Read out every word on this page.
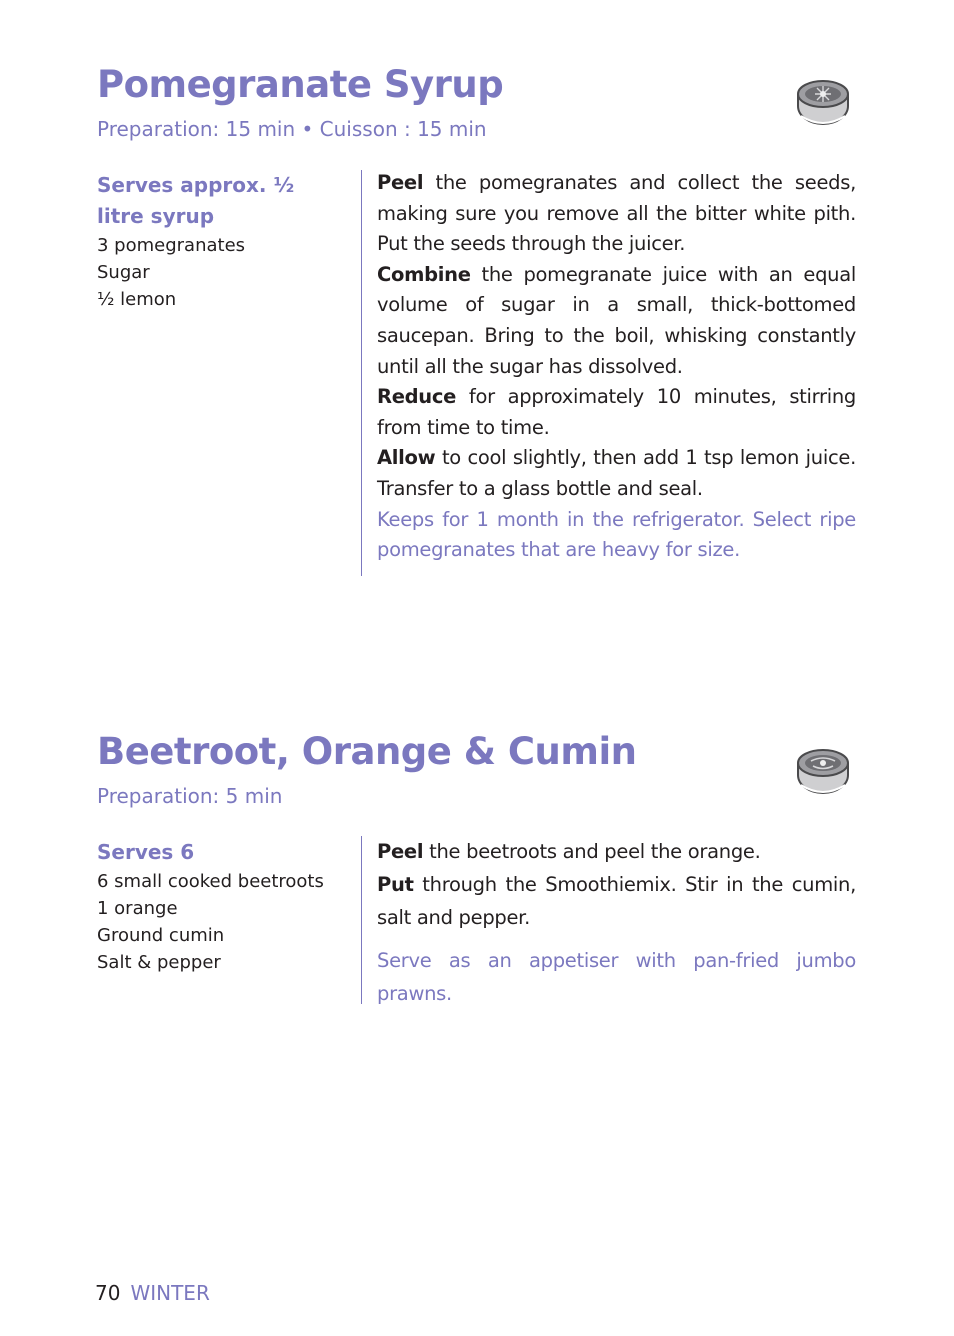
Pomegranate Syrup
Preparation: 15 min • Cuisson : 15 min
Serves approx. ½ litre syrup
3 pomegranates
Sugar
½ lemon

Peel the pomegranates and collect the seeds, making sure you remove all the bitter white pith. Put the seeds through the juicer.

Combine the pomegranate juice with an equal volume of sugar in a small, thick-bottomed saucepan. Bring to the boil, whisking constantly until all the sugar has dissolved.

Reduce for approximately 10 minutes, stirring from time to time.

Allow to cool slightly, then add 1 tsp lemon juice. Transfer to a glass bottle and seal.

Keeps for 1 month in the refrigerator. Select ripe pomegranates that are heavy for size.

Beetroot, Orange & Cumin
Preparation: 5 min
Serves 6
6 small cooked beetroots
1 orange
Ground cumin
Salt & pepper

Peel the beetroots and peel the orange.

Put through the Smoothiemix. Stir in the cumin, salt and pepper.

Serve as an appetiser with pan-fried jumbo prawns.

70 WINTER
